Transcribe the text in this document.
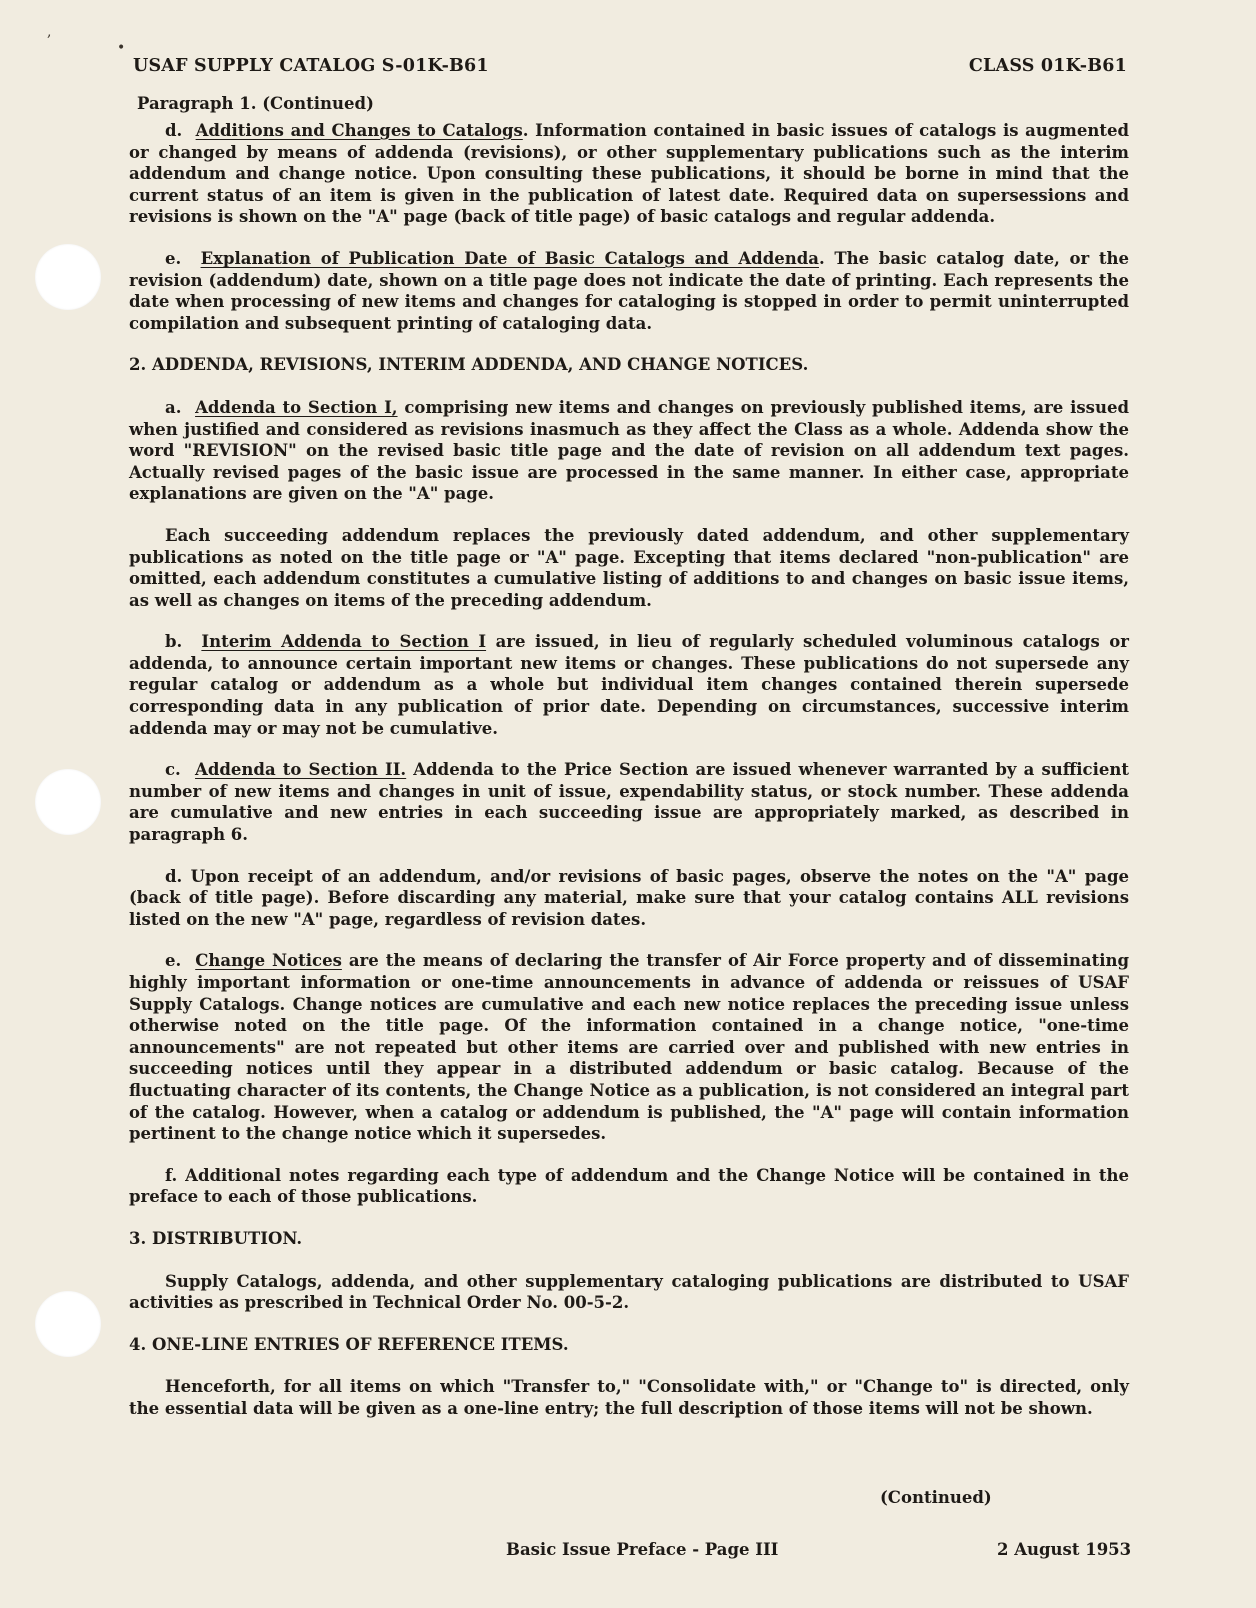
,
•
USAF SUPPLY CATALOG S-01K-B61	CLASS 01K-B61
Paragraph 1. (Continued)

d. Additions and Changes to Catalogs. Information contained in basic issues of catalogs is augmented or changed by means of addenda (revisions), or other supplementary publications such as the interim addendum and change notice. Upon consulting these publications, it should be borne in mind that the current status of an item is given in the publication of latest date. Required data on supersessions and revisions is shown on the "A" page (back of title page) of basic catalogs and regular addenda.

e. Explanation of Publication Date of Basic Catalogs and Addenda. The basic catalog date, or the revision (addendum) date, shown on a title page does not indicate the date of printing. Each represents the date when processing of new items and changes for cataloging is stopped in order to permit uninterrupted compilation and subsequent printing of cataloging data.

2. ADDENDA, REVISIONS, INTERIM ADDENDA, AND CHANGE NOTICES.

a. Addenda to Section I, comprising new items and changes on previously published items, are issued when justified and considered as revisions inasmuch as they affect the Class as a whole. Addenda show the word "REVISION" on the revised basic title page and the date of revision on all addendum text pages. Actually revised pages of the basic issue are processed in the same manner. In either case, appropriate explanations are given on the "A" page.

Each succeeding addendum replaces the previously dated addendum, and other supplementary publications as noted on the title page or "A" page. Excepting that items declared "non-publication" are omitted, each addendum constitutes a cumulative listing of additions to and changes on basic issue items, as well as changes on items of the preceding addendum.

b. Interim Addenda to Section I are issued, in lieu of regularly scheduled voluminous catalogs or addenda, to announce certain important new items or changes. These publications do not supersede any regular catalog or addendum as a whole but individual item changes contained therein supersede corresponding data in any publication of prior date. Depending on circumstances, successive interim addenda may or may not be cumulative.

c. Addenda to Section II. Addenda to the Price Section are issued whenever warranted by a sufficient number of new items and changes in unit of issue, expendability status, or stock number. These addenda are cumulative and new entries in each succeeding issue are appropriately marked, as described in paragraph 6.

d. Upon receipt of an addendum, and/or revisions of basic pages, observe the notes on the "A" page (back of title page). Before discarding any material, make sure that your catalog contains ALL revisions listed on the new "A" page, regardless of revision dates.

e. Change Notices are the means of declaring the transfer of Air Force property and of disseminating highly important information or one-time announcements in advance of addenda or reissues of USAF Supply Catalogs. Change notices are cumulative and each new notice replaces the preceding issue unless otherwise noted on the title page. Of the information contained in a change notice, "one-time announcements" are not repeated but other items are carried over and published with new entries in succeeding notices until they appear in a distributed addendum or basic catalog. Because of the fluctuating character of its contents, the Change Notice as a publication, is not considered an integral part of the catalog. However, when a catalog or addendum is published, the "A" page will contain information pertinent to the change notice which it supersedes.

f. Additional notes regarding each type of addendum and the Change Notice will be contained in the preface to each of those publications.

3. DISTRIBUTION.

Supply Catalogs, addenda, and other supplementary cataloging publications are distributed to USAF activities as prescribed in Technical Order No. 00-5-2.

4. ONE-LINE ENTRIES OF REFERENCE ITEMS.

Henceforth, for all items on which "Transfer to," "Consolidate with," or "Change to" is directed, only the essential data will be given as a one-line entry; the full description of those items will not be shown.

(Continued)
Basic Issue Preface - Page III	2 August 1953
